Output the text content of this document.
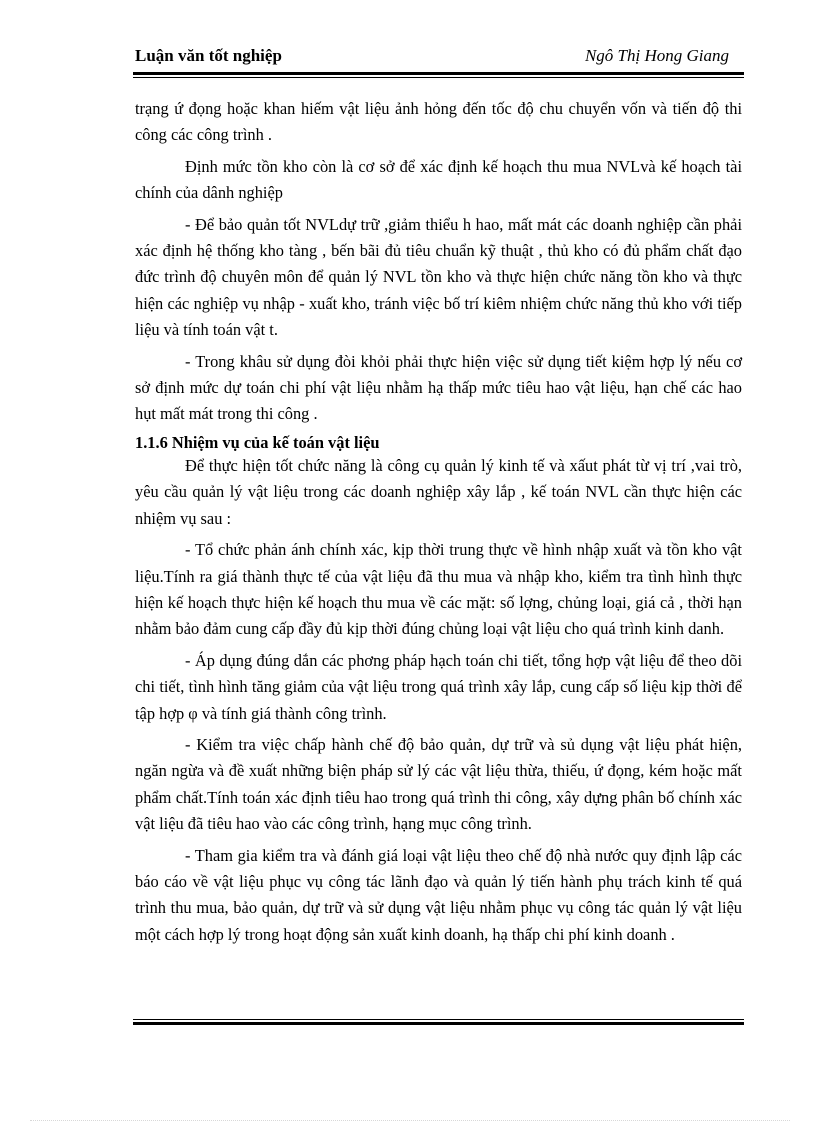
Luận văn tốt nghiệp	Ngô Thị Hong Giang

trạng ứ đọng hoặc khan hiếm vật liệu ảnh hỏng đến tốc độ chu chuyển vốn và tiến độ thi công các công trình .

Định mức tồn kho còn là cơ sở để xác định kế hoạch thu mua NVLvà kế hoạch tài chính của dânh nghiệp

- Để bảo quản tốt NVLdự trữ ,giảm thiểu h hao, mất mát các doanh nghiệp cần phải xác định hệ thống kho tàng , bến bãi đủ tiêu chuẩn kỹ thuật , thủ kho có đủ phẩm chất đạo đức trình độ chuyên môn để quản lý NVL tồn kho và thực hiện chức năng tồn kho và thực hiện các nghiệp vụ nhập - xuất kho, tránh việc bố trí kiêm nhiệm chức năng thủ kho với tiếp liệu và tính toán vật t.

- Trong khâu sử dụng đòi khỏi phải thực hiện việc sử dụng tiết kiệm hợp lý nếu cơ sở định mức dự toán chi phí vật liệu nhằm hạ thấp mức tiêu hao vật liệu, hạn chế các hao hụt mất mát trong thi công .

1.1.6 Nhiệm vụ của kế toán vật liệu

Để thực hiện tốt chức năng là công cụ quản lý kinh tế và xấut phát từ vị trí ,vai trò, yêu cầu quản lý vật liệu trong các doanh nghiệp xây lắp , kế toán NVL cần thực hiện các nhiệm vụ sau :

- Tổ chức phản ánh chính xác, kịp thời trung thực về hình nhập xuất và tồn kho vật liệu.Tính ra giá thành thực tế của vật liệu đã thu mua và nhập kho, kiểm tra tình hình thực hiện kế hoạch thực hiện kế hoạch thu mua về các mặt: số lợng, chủng loại, giá cả , thời hạn nhằm bảo đảm cung cấp đầy đủ kịp thời đúng chủng loại vật liệu cho quá trình kinh danh.

- Áp dụng đúng dắn các phơng pháp hạch toán chi tiết, tổng hợp vật liệu để theo dõi chi tiết, tình hình tăng giảm của vật liệu trong quá trình xây lắp, cung cấp số liệu kịp thời để tập hợp φ và tính giá thành công trình.

- Kiểm tra việc chấp hành chế độ bảo quản, dự trữ và sủ dụng vật liệu phát hiện, ngăn ngừa và đề xuất những biện pháp sử lý các vật liệu thừa, thiếu, ứ đọng, kém hoặc mất phẩm chất.Tính toán xác định tiêu hao trong quá trình thi công, xây dựng phân bố chính xác vật liệu đã tiêu hao vào các công trình, hạng mục công trình.

- Tham gia kiểm tra và đánh giá loại vật liệu theo chế độ nhà nước quy định lập các báo cáo về vật liệu phục vụ công tác lãnh đạo và quản lý tiến hành phụ trách kinh tế quá trình thu mua, bảo quản, dự trữ và sử dụng vật liệu nhằm phục vụ công tác quản lý vật liệu một cách hợp lý trong hoạt động sản xuất kinh doanh, hạ thấp chi phí kinh doanh .
